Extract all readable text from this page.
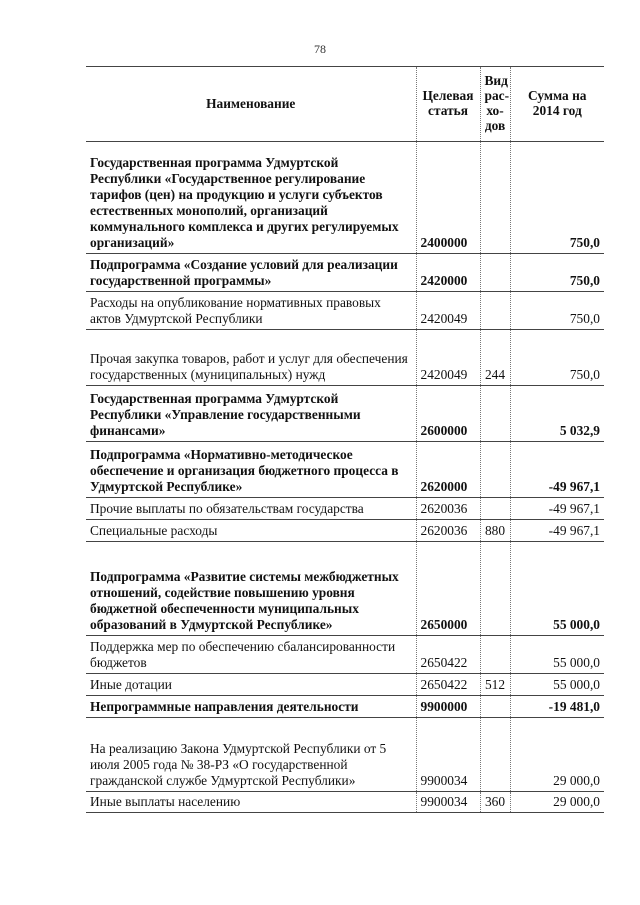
78
Наименование	Целевая статья	Вид рас-хо-дов	Сумма на 2014 год
Государственная программа Удмуртской Республики «Государственное регулирование тарифов (цен) на продукцию и услуги субъектов естественных монополий, организаций коммунального комплекса и других регулируемых организаций»	2400000		750,0
Подпрограмма «Создание условий для реализации государственной программы»	2420000		750,0
Расходы на опубликование нормативных правовых актов Удмуртской Республики	2420049		750,0
Прочая закупка товаров, работ и услуг для обеспечения государственных (муниципальных) нужд	2420049	244	750,0
Государственная программа Удмуртской Республики «Управление государственными финансами»	2600000		5 032,9
Подпрограмма «Нормативно-методическое обеспечение и организация бюджетного процесса в Удмуртской Республике»	2620000		-49 967,1
Прочие выплаты по обязательствам государства	2620036		-49 967,1
Специальные расходы	2620036	880	-49 967,1
Подпрограмма «Развитие системы межбюджетных отношений, содействие повышению уровня бюджетной обеспеченности муниципальных образований в Удмуртской Республике»	2650000		55 000,0
Поддержка мер по обеспечению сбалансированности бюджетов	2650422		55 000,0
Иные дотации	2650422	512	55 000,0
Непрограммные направления деятельности	9900000		-19 481,0
На реализацию Закона Удмуртской Республики от 5 июля 2005 года № 38-РЗ «О государственной гражданской службе Удмуртской Республики»	9900034		29 000,0
Иные выплаты населению	9900034	360	29 000,0
